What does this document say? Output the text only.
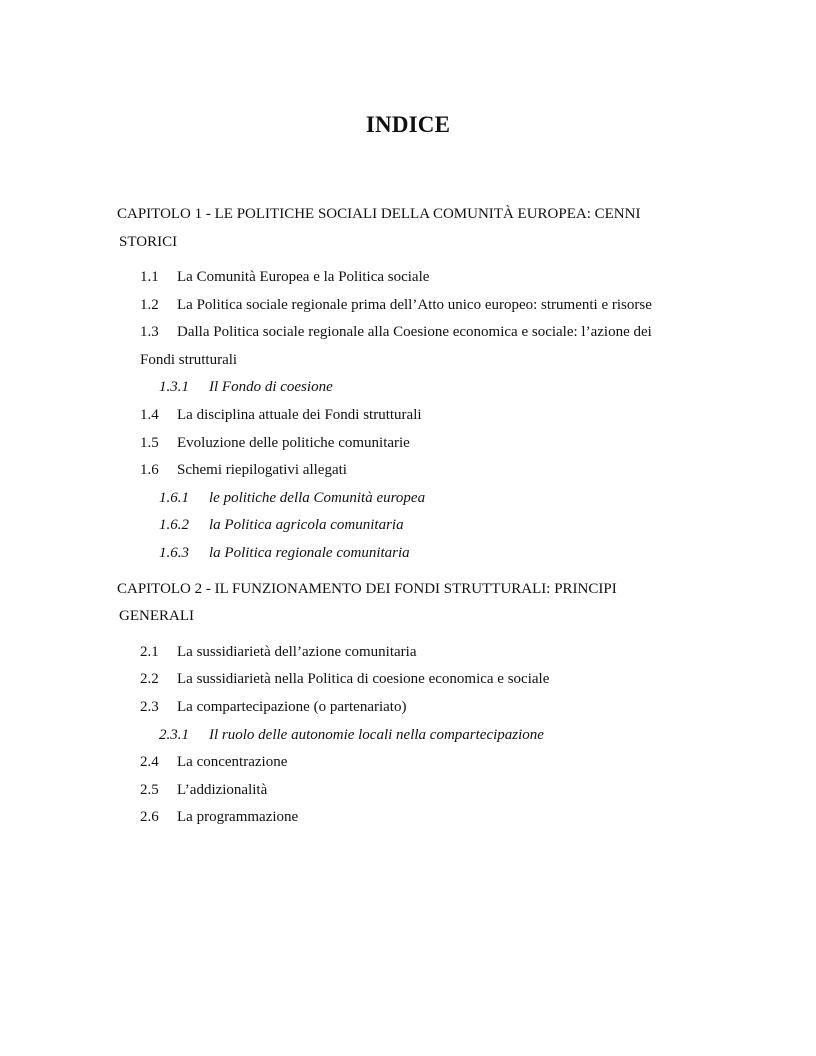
INDICE
CAPITOLO 1 - LE POLITICHE SOCIALI DELLA COMUNITÀ EUROPEA: CENNI
STORICI
1.1 La Comunità Europea e la Politica sociale
1.2 La Politica sociale regionale prima dell’Atto unico europeo: strumenti e risorse
1.3 Dalla Politica sociale regionale alla Coesione economica e sociale: l’azione dei
Fondi strutturali
1.3.1 Il Fondo di coesione
1.4 La disciplina attuale dei Fondi strutturali
1.5 Evoluzione delle politiche comunitarie
1.6 Schemi riepilogativi allegati
1.6.1 le politiche della Comunità europea
1.6.2 la Politica agricola comunitaria
1.6.3 la Politica regionale comunitaria
CAPITOLO 2 - IL FUNZIONAMENTO DEI FONDI STRUTTURALI: PRINCIPI
GENERALI
2.1 La sussidiarietà dell’azione comunitaria
2.2 La sussidiarietà nella Politica di coesione economica e sociale
2.3 La compartecipazione (o partenariato)
2.3.1 Il ruolo delle autonomie locali nella compartecipazione
2.4 La concentrazione
2.5 L’addizionalità
2.6 La programmazione
